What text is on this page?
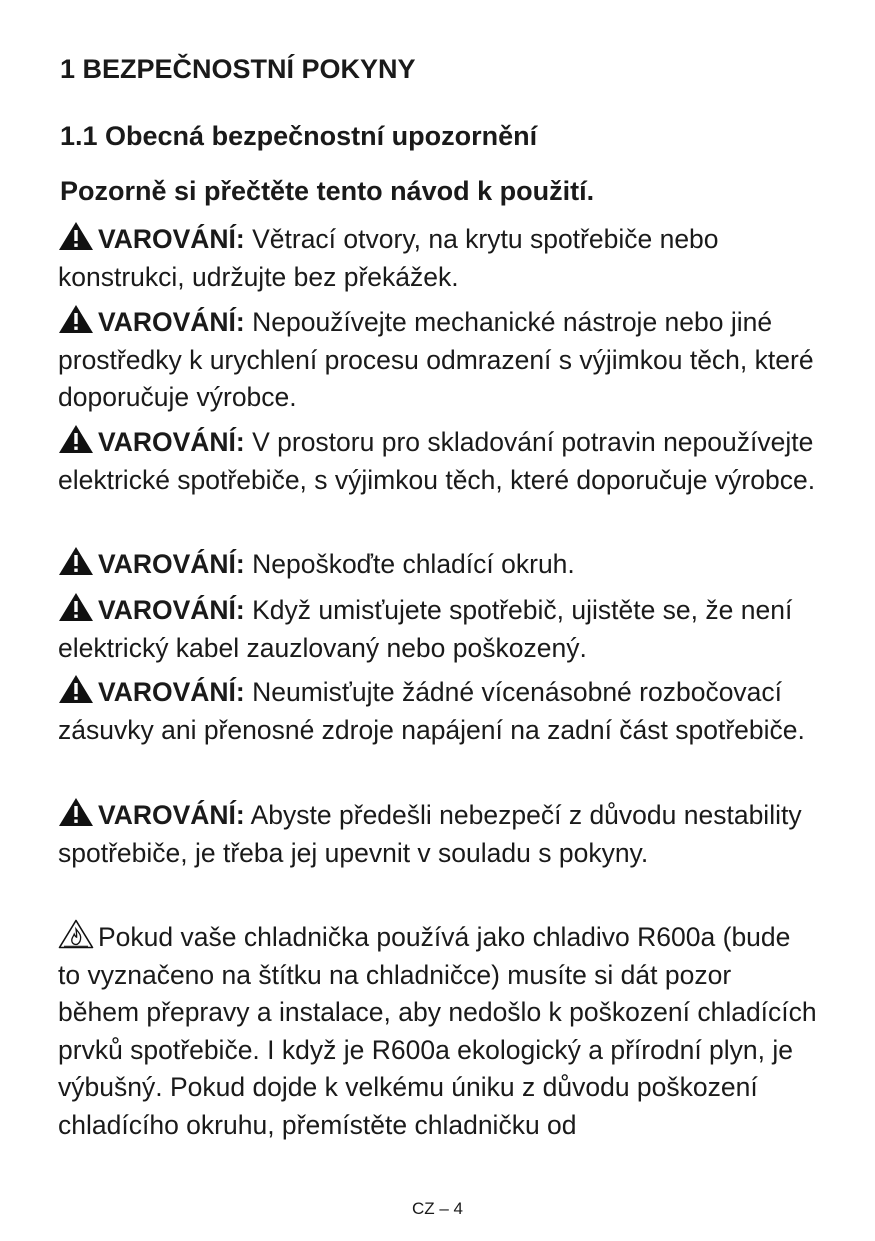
1 BEZPEČNOSTNÍ POKYNY
1.1 Obecná bezpečnostní upozornění
Pozorně si přečtěte tento návod k použití.
VAROVÁNÍ: Větrací otvory, na krytu spotřebiče nebo konstrukci, udržujte bez překážek.
VAROVÁNÍ: Nepoužívejte mechanické nástroje nebo jiné prostředky k urychlení procesu odmrazení s výjimkou těch, které doporučuje výrobce.
VAROVÁNÍ: V prostoru pro skladování potravin nepoužívejte elektrické spotřebiče, s výjimkou těch, které doporučuje výrobce.
VAROVÁNÍ: Nepoškoďte chladící okruh.
VAROVÁNÍ: Když umisťujete spotřebič, ujistěte se, že není elektrický kabel zauzlovaný nebo poškozený.
VAROVÁNÍ: Neumisťujte žádné vícenásobné rozbočovací zásuvky ani přenosné zdroje napájení na zadní část spotřebiče.
VAROVÁNÍ: Abyste předešli nebezpečí z důvodu nestability spotřebiče, je třeba jej upevnit v souladu s pokyny.
Pokud vaše chladnička používá jako chladivo R600a (bude to vyznačeno na štítku na chladničce) musíte si dát pozor během přepravy a instalace, aby nedošlo k poškození chladících prvků spotřebiče. I když je R600a ekologický a přírodní plyn, je výbušný. Pokud dojde k velkému úniku z důvodu poškození chladícího okruhu, přemístěte chladničku od
CZ – 4
